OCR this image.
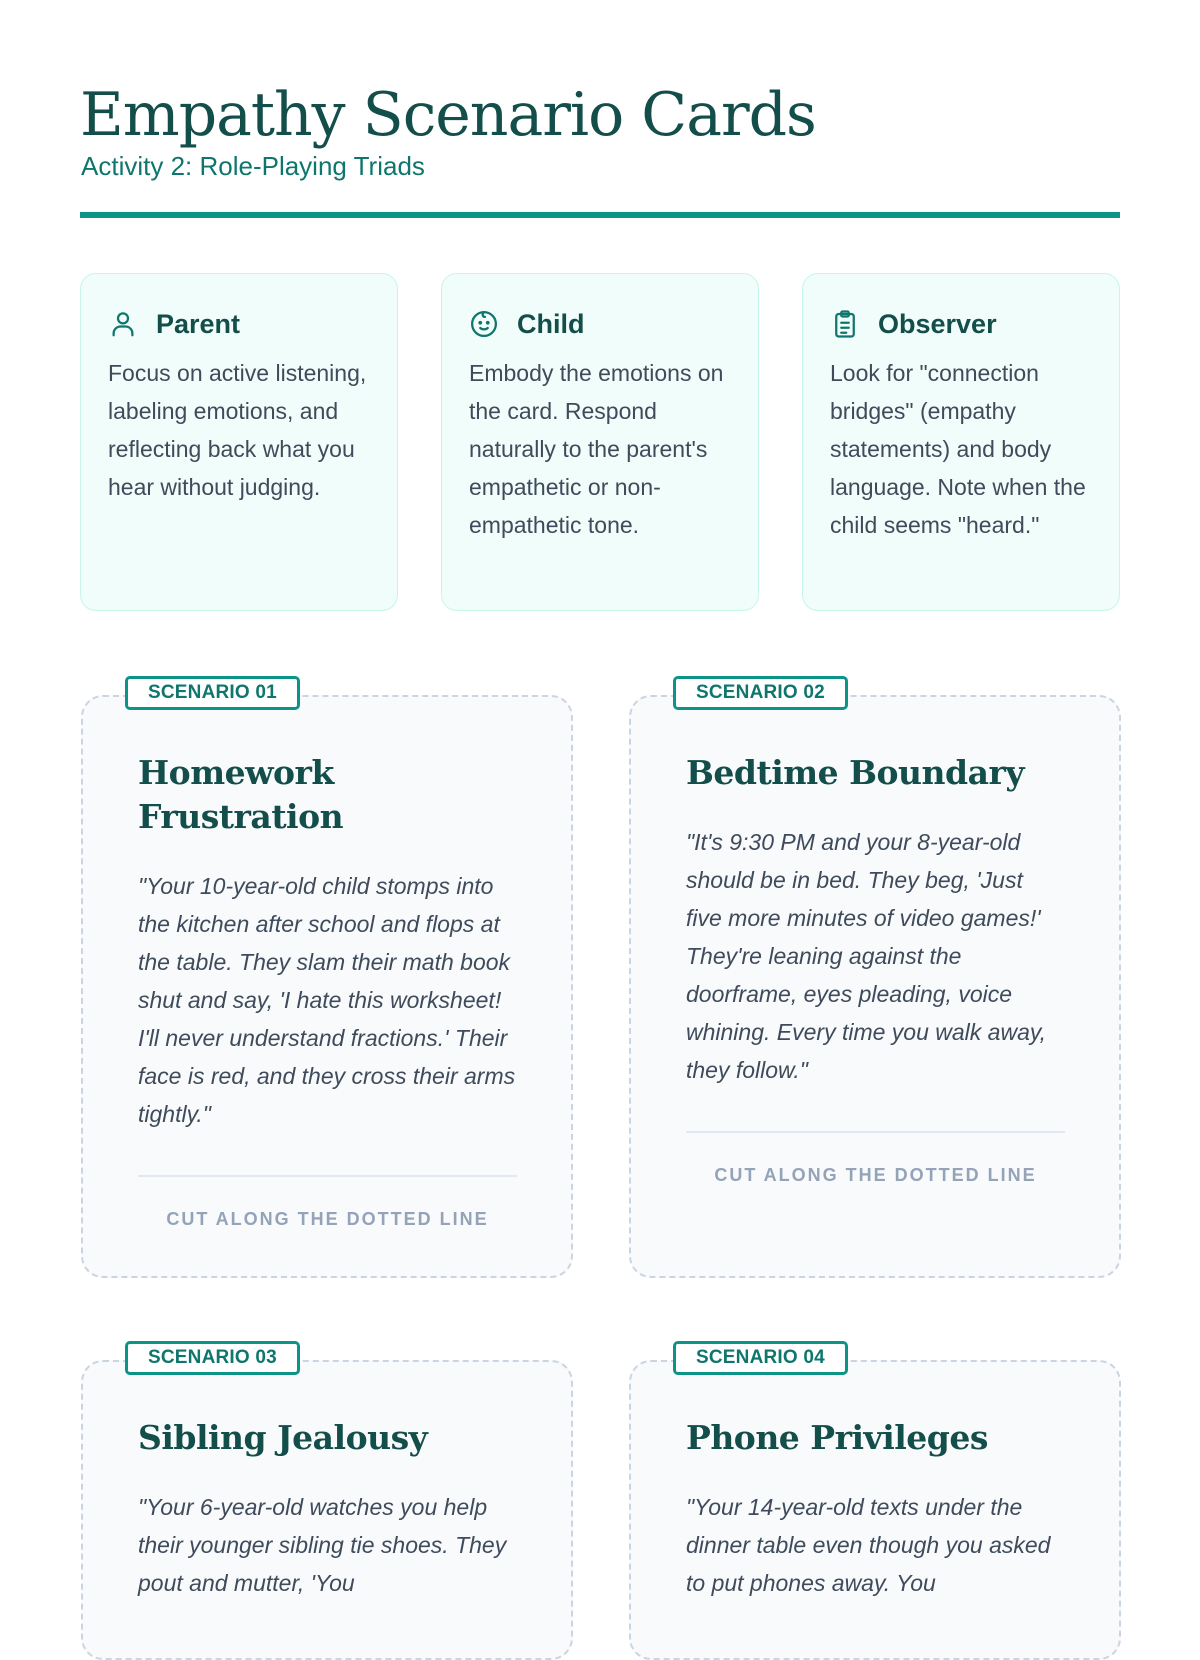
Empathy Scenario Cards
Activity 2: Role-Playing Triads
Parent
Focus on active listening, labeling emotions, and reflecting back what you hear without judging.
Child
Embody the emotions on the card. Respond naturally to the parent's empathetic or non-empathetic tone.
Observer
Look for "connection bridges" (empathy statements) and body language. Note when the child seems "heard."
SCENARIO 01
Homework Frustration
"Your 10-year-old child stomps into the kitchen after school and flops at the table. They slam their math book shut and say, 'I hate this worksheet! I'll never understand fractions.' Their face is red, and they cross their arms tightly."
CUT ALONG THE DOTTED LINE
SCENARIO 02
Bedtime Boundary
"It's 9:30 PM and your 8-year-old should be in bed. They beg, 'Just five more minutes of video games!' They're leaning against the doorframe, eyes pleading, voice whining. Every time you walk away, they follow."
CUT ALONG THE DOTTED LINE
SCENARIO 03
Sibling Jealousy
"Your 6-year-old watches you help their younger sibling tie shoes. They pout and mutter, 'You
SCENARIO 04
Phone Privileges
"Your 14-year-old texts under the dinner table even though you asked to put phones away. You
